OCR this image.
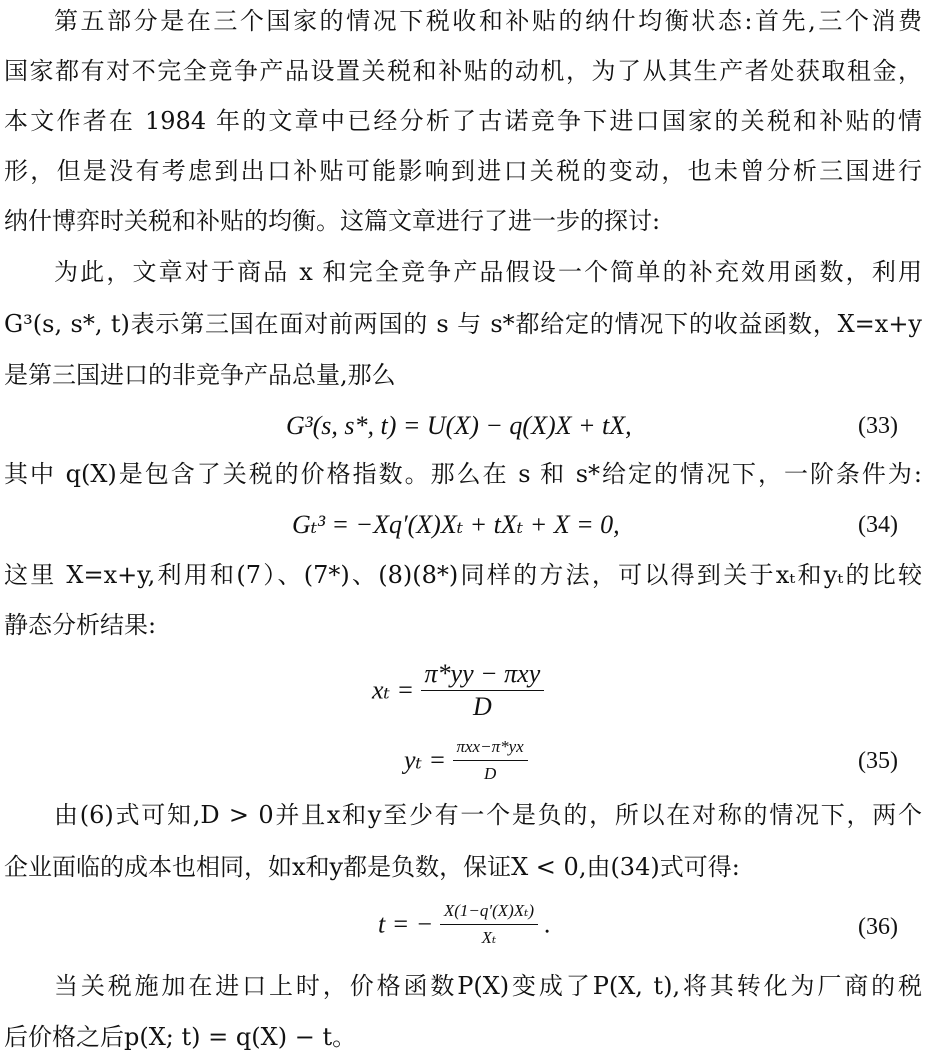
第五部分是在三个国家的情况下税收和补贴的纳什均衡状态:首先,三个消费
国家都有对不完全竞争产品设置关税和补贴的动机，为了从其生产者处获取租金，
本文作者在 1984 年的文章中已经分析了古诺竞争下进口国家的关税和补贴的情
形，但是没有考虑到出口补贴可能影响到进口关税的变动，也未曾分析三国进行
纳什博弈时关税和补贴的均衡。这篇文章进行了进一步的探讨:
为此，文章对于商品 x 和完全竞争产品假设一个简单的补充效用函数，利用
G³(s, s*, t)表示第三国在面对前两国的 s 与 s*都给定的情况下的收益函数，X=x+y
是第三国进口的非竞争产品总量,那么
G³(s, s*, t) = U(X) − q(X)X + tX,	(33)
其中 q(X)是包含了关税的价格指数。那么在 s 和 s*给定的情况下，一阶条件为:
Gₜ³ = −Xq′(X)Xₜ + tXₜ + X = 0,	(34)
这里 X=x+y,利用和(7）、(7*)、(8)(8*)同样的方法，可以得到关于xₜ和yₜ的比较
静态分析结果:
$x_t = \frac{\text{π*yy − πxy}}{D}$
$y_t = \frac{\text{πxx−π*yx}}{D}$	(35)
由(6)式可知,D > 0并且x和y至少有一个是负的，所以在对称的情况下，两个
企业面临的成本也相同，如x和y都是负数，保证X < 0,由(34)式可得:
t = − $\frac{\text{X(1−q′(X)Xₜ)}}{\text{Xₜ}}$ .	(36)
当关税施加在进口上时，价格函数P(X)变成了P(X, t),将其转化为厂商的税
后价格之后p(X; t) = q(X) − t。
